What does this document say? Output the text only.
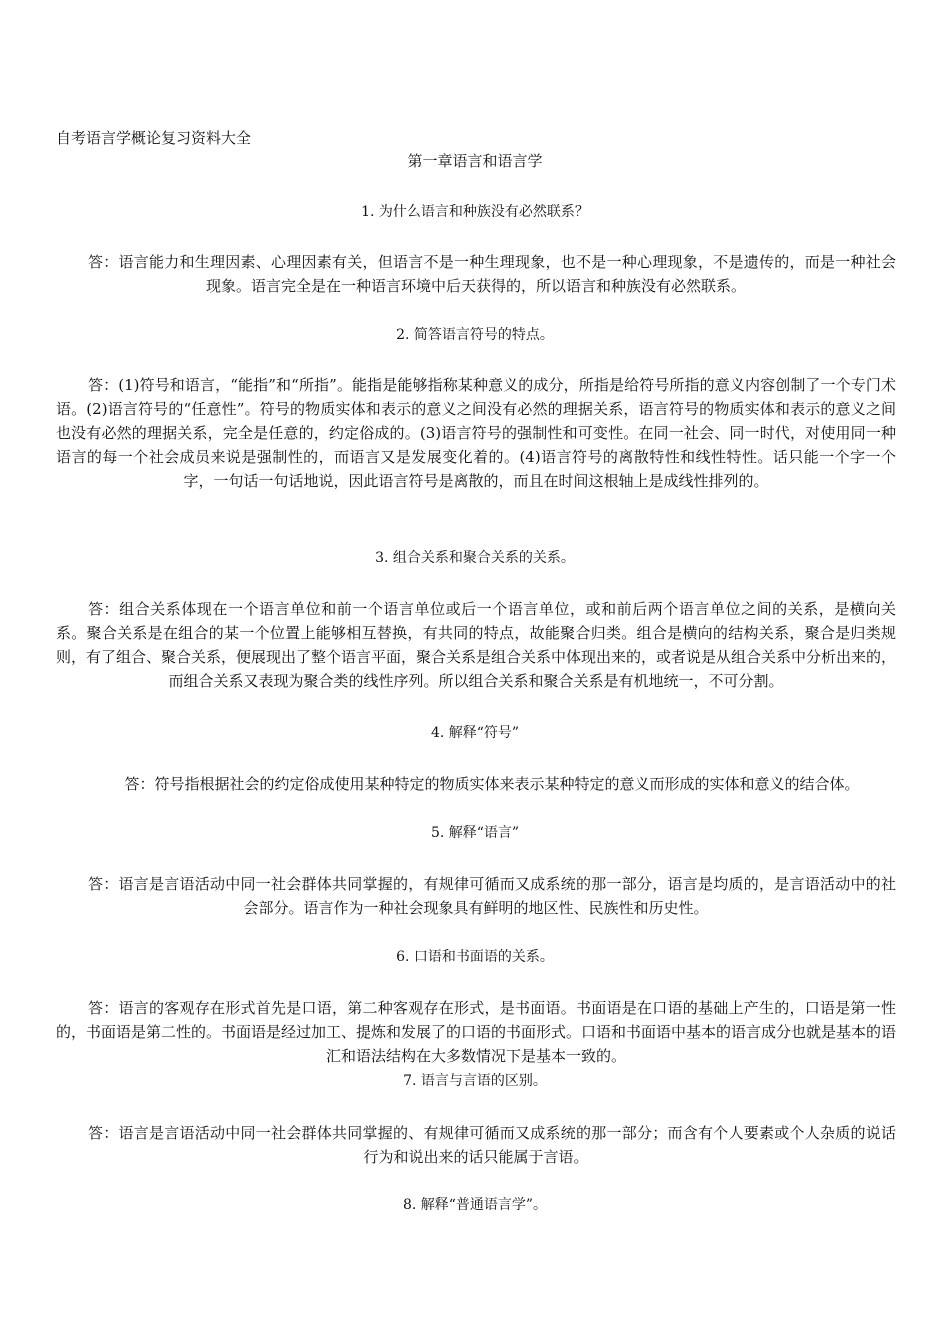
自考语言学概论复习资料大全
第一章语言和语言学
1. 为什么语言和种族没有必然联系？
答：语言能力和生理因素、心理因素有关，但语言不是一种生理现象，也不是一种心理现象，不是遗传的，而是一种社会现象。语言完全是在一种语言环境中后天获得的，所以语言和种族没有必然联系。
2. 简答语言符号的特点。
答：(1)符号和语言，“能指”和“所指”。能指是能够指称某种意义的成分，所指是给符号所指的意义内容创制了一个专门术语。(2)语言符号的“任意性”。符号的物质实体和表示的意义之间没有必然的理据关系，语言符号的物质实体和表示的意义之间也没有必然的理据关系，完全是任意的，约定俗成的。(3)语言符号的强制性和可变性。在同一社会、同一时代，对使用同一种语言的每一个社会成员来说是强制性的，而语言又是发展变化着的。(4)语言符号的离散特性和线性特性。话只能一个字一个字，一句话一句话地说，因此语言符号是离散的，而且在时间这根轴上是成线性排列的。
3. 组合关系和聚合关系的关系。
答：组合关系体现在一个语言单位和前一个语言单位或后一个语言单位，或和前后两个语言单位之间的关系，是横向关系。聚合关系是在组合的某一个位置上能够相互替换，有共同的特点，故能聚合归类。组合是横向的结构关系，聚合是归类规则，有了组合、聚合关系，便展现出了整个语言平面，聚合关系是组合关系中体现出来的，或者说是从组合关系中分析出来的，而组合关系又表现为聚合类的线性序列。所以组合关系和聚合关系是有机地统一，不可分割。
4. 解释“符号”
答：符号指根据社会的约定俗成使用某种特定的物质实体来表示某种特定的意义而形成的实体和意义的结合体。
5. 解释“语言”
答：语言是言语活动中同一社会群体共同掌握的，有规律可循而又成系统的那一部分，语言是均质的，是言语活动中的社会部分。语言作为一种社会现象具有鲜明的地区性、民族性和历史性。
6. 口语和书面语的关系。
答：语言的客观存在形式首先是口语，第二种客观存在形式，是书面语。书面语是在口语的基础上产生的，口语是第一性的，书面语是第二性的。书面语是经过加工、提炼和发展了的口语的书面形式。口语和书面语中基本的语言成分也就是基本的语汇和语法结构在大多数情况下是基本一致的。
7. 语言与言语的区别。
答：语言是言语活动中同一社会群体共同掌握的、有规律可循而又成系统的那一部分；而含有个人要素或个人杂质的说话行为和说出来的话只能属于言语。
8. 解释“普通语言学”。
